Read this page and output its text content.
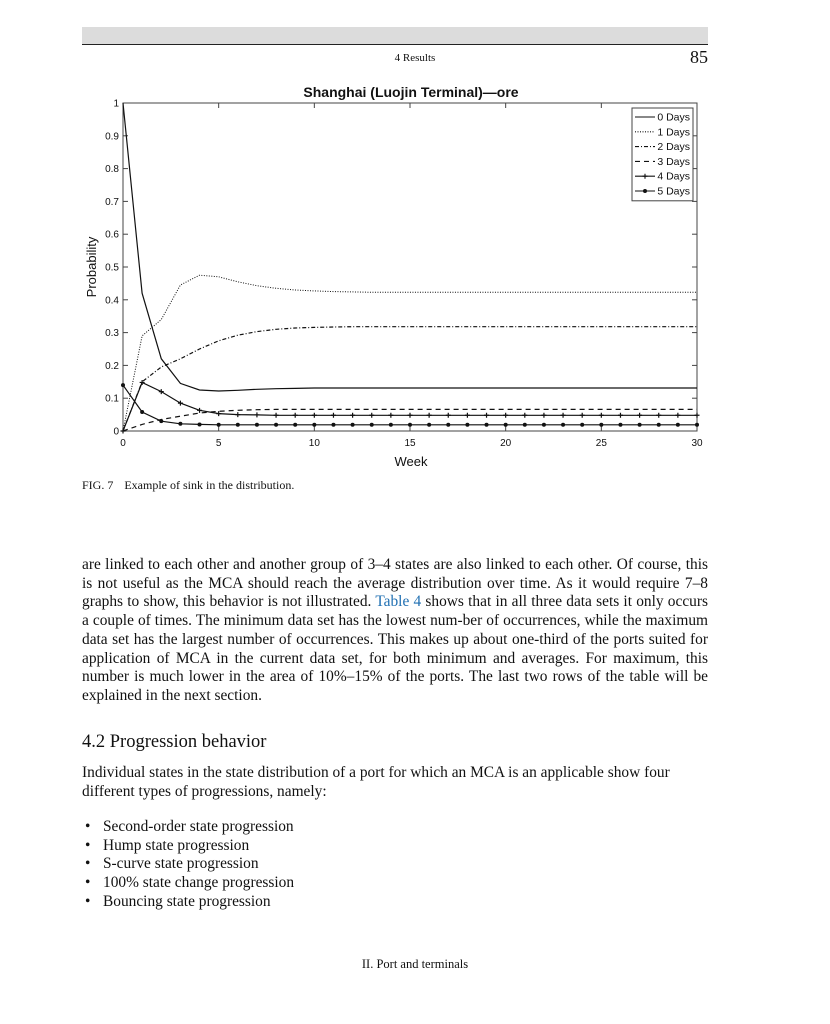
4 Results	85
Shanghai (Luojin Terminal)—ore
0	5	10	15	20	25	30
0
0.1
0.2
0.3
0.4
0.5
0.6
0.7
0.8
0.9
1
0 Days
1 Days
2 Days
3 Days
4 Days
5 Days
Week
Probability
FIG. 7 Example of sink in the distribution.
are linked to each other and another group of 3–4 states are also linked to each other. Of course, this is not useful as the MCA should reach the average distribution over time. As it would require 7–8 graphs to show, this behavior is not illustrated. Table 4 shows that in all three data sets it only occurs a couple of times. The minimum data set has the lowest num-ber of occurrences, while the maximum data set has the largest number of occurrences. This makes up about one-third of the ports suited for application of MCA in the current data set, for both minimum and averages. For maximum, this number is much lower in the area of 10%–15% of the ports. The last two rows of the table will be explained in the next section.
4.2 Progression behavior
Individual states in the state distribution of a port for which an MCA is an applicable show four different types of progressions, namely:
• Second-order state progression
• Hump state progression
• S-curve state progression
• 100% state change progression
• Bouncing state progression
II. Port and terminals
